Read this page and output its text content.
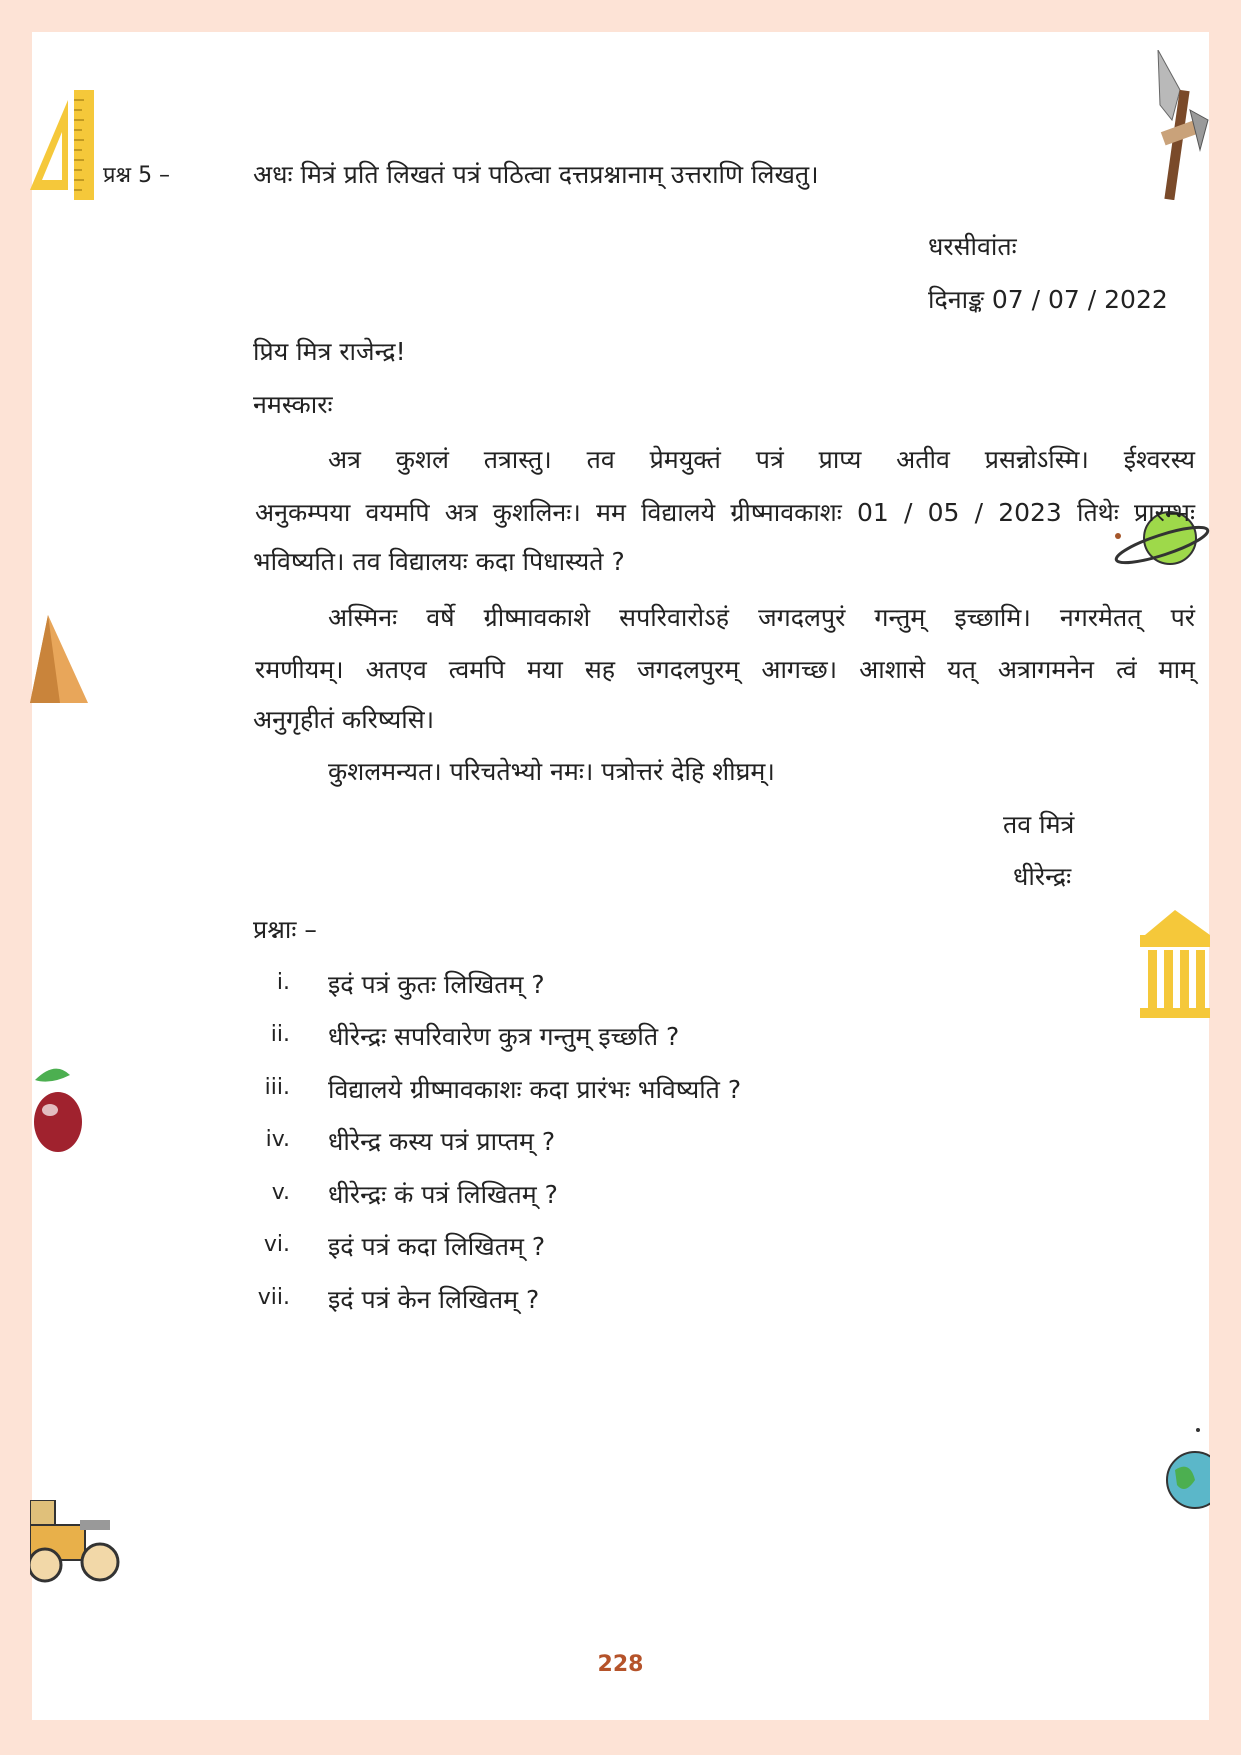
प्रश्न 5 –	अधः मित्रं प्रति लिखतं पत्रं पठित्वा दत्तप्रश्नानाम् उत्तराणि लिखतु।
धरसीवांतः
दिनाङ्क 07 / 07 / 2022
प्रिय मित्र राजेन्द्र!
नमस्कारः
अत्र कुशलं तत्रास्तु। तव प्रेमयुक्तं पत्रं प्राप्य अतीव प्रसन्नोऽस्मि। ईश्वरस्य
अनुकम्पया वयमपि अत्र कुशलिनः। मम विद्यालये ग्रीष्मावकाशः 01 / 05 / 2023 तिथेः प्रारम्भः
भविष्यति। तव विद्यालयः कदा पिधास्यते ?
अस्मिनः वर्षे ग्रीष्मावकाशे सपरिवारोऽहं जगदलपुरं गन्तुम् इच्छामि। नगरमेतत् परं
रमणीयम्। अतएव त्वमपि मया सह जगदलपुरम् आगच्छ। आशासे यत् अत्रागमनेन त्वं माम्
अनुगृहीतं करिष्यसि।
कुशलमन्यत। परिचतेभ्यो नमः। पत्रोत्तरं देहि शीघ्रम्।
तव मित्रं
धीरेन्द्रः
प्रश्नाः –
i. इदं पत्रं कुतः लिखितम् ?
ii. धीरेन्द्रः सपरिवारेण कुत्र गन्तुम् इच्छति ?
iii. विद्यालये ग्रीष्मावकाशः कदा प्रारंभः भविष्यति ?
iv. धीरेन्द्र कस्य पत्रं प्राप्तम् ?
v. धीरेन्द्रः कं पत्रं लिखितम् ?
vi. इदं पत्रं कदा लिखितम् ?
vii. इदं पत्रं केन लिखितम् ?
228
